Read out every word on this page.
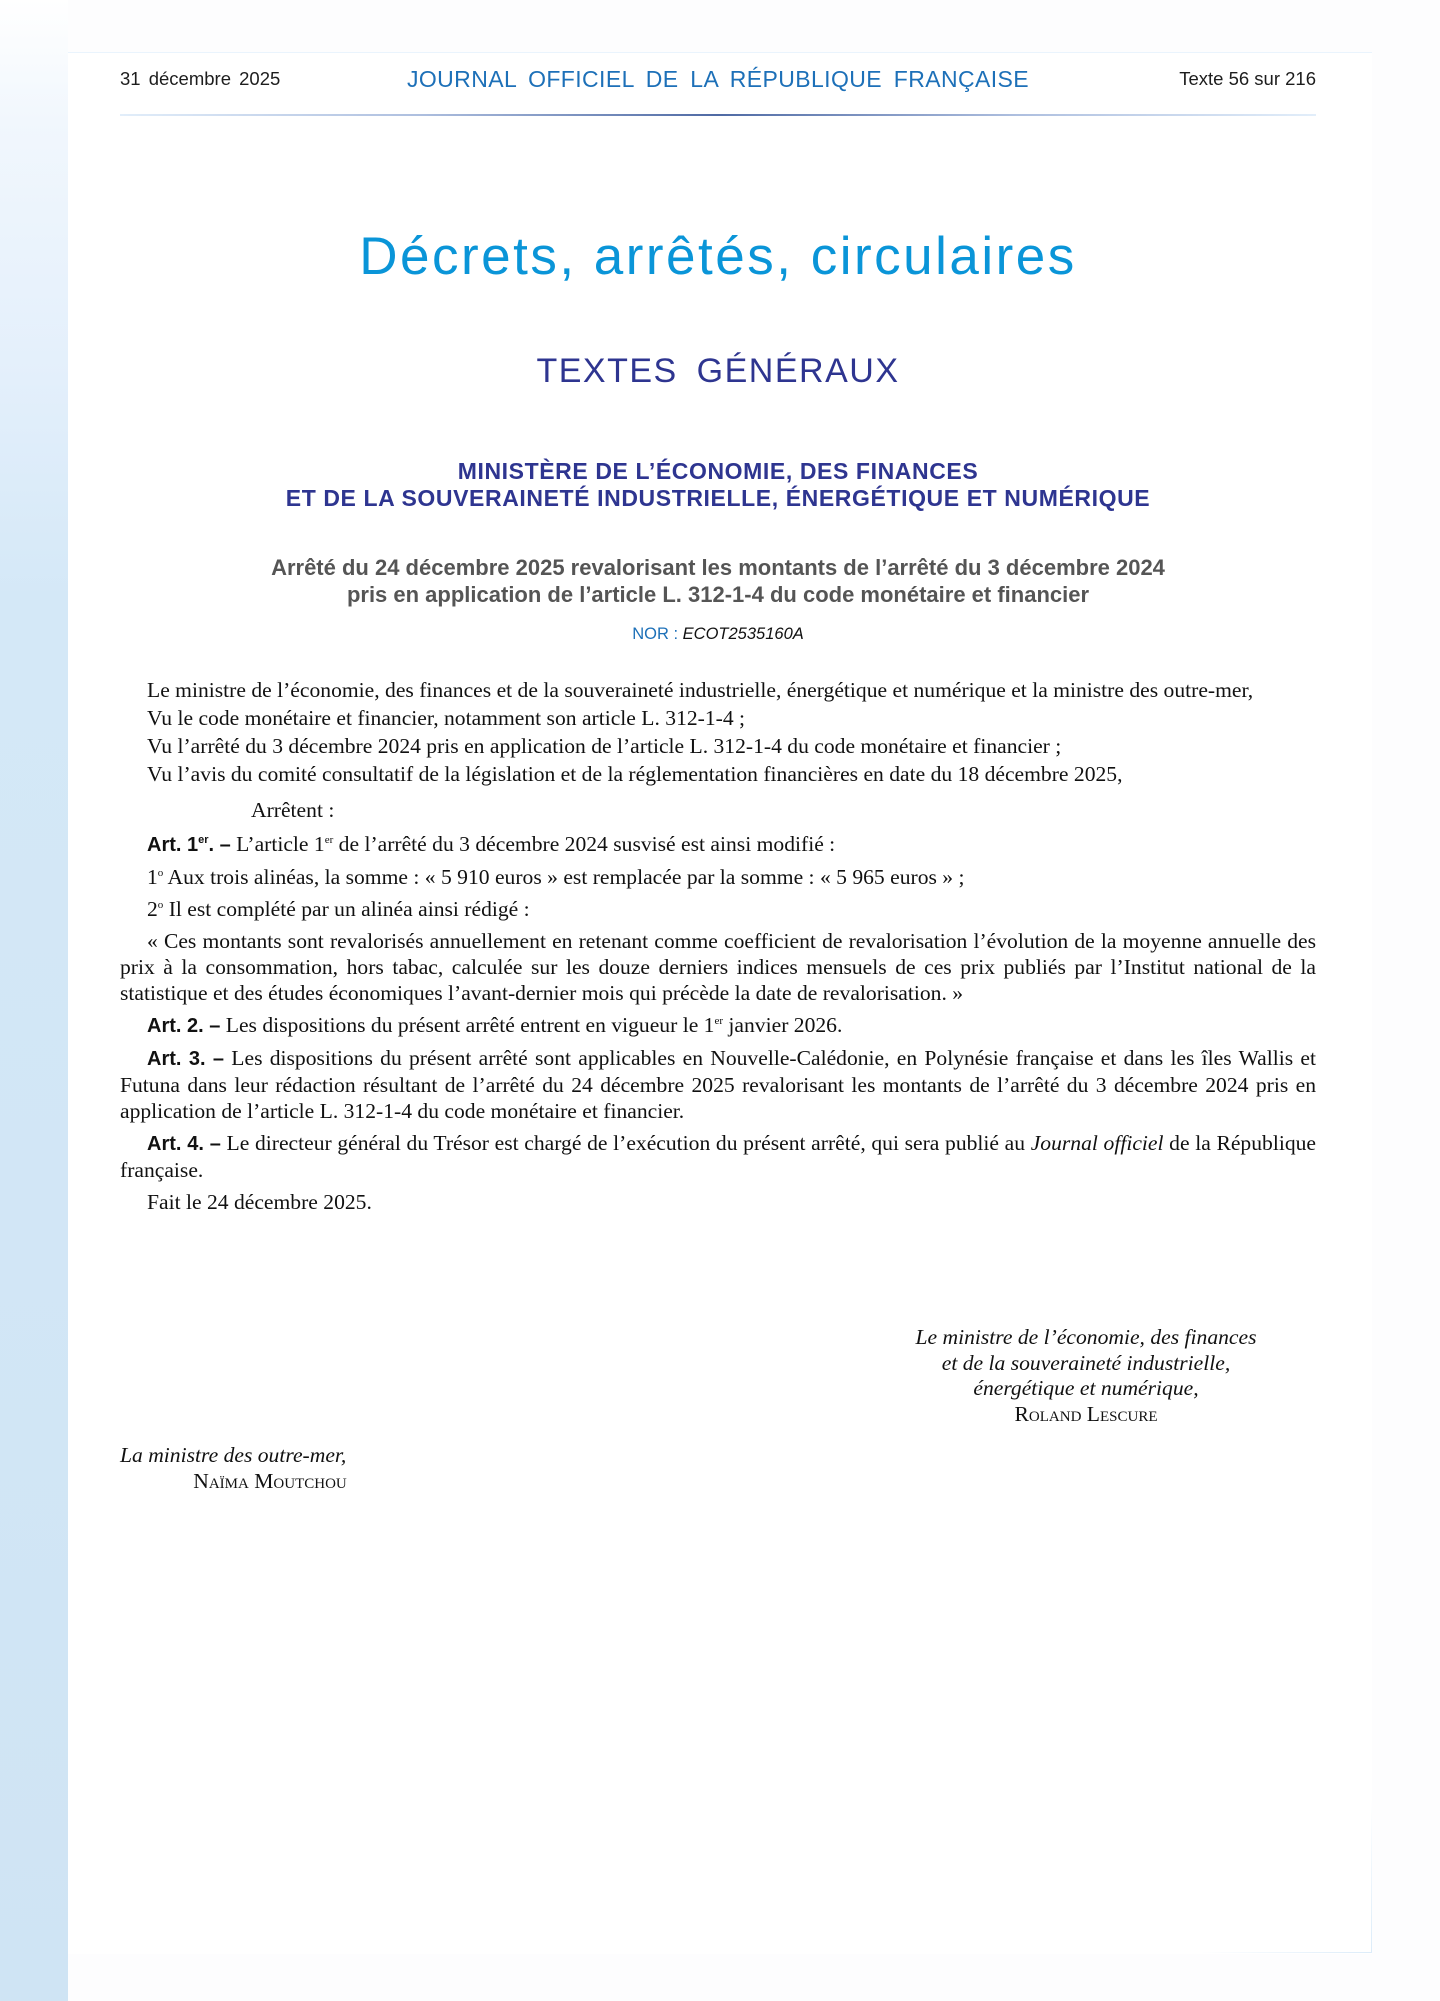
31 décembre 2025	JOURNAL OFFICIEL DE LA RÉPUBLIQUE FRANÇAISE	Texte 56 sur 216
Décrets, arrêtés, circulaires
TEXTES GÉNÉRAUX
MINISTÈRE DE L’ÉCONOMIE, DES FINANCES
ET DE LA SOUVERAINETÉ INDUSTRIELLE, ÉNERGÉTIQUE ET NUMÉRIQUE
Arrêté du 24 décembre 2025 revalorisant les montants de l’arrêté du 3 décembre 2024
pris en application de l’article L. 312-1-4 du code monétaire et financier
NOR : ECOT2535160A

Le ministre de l’économie, des finances et de la souveraineté industrielle, énergétique et numérique et la ministre des outre-mer,

Vu le code monétaire et financier, notamment son article L. 312-1-4 ;

Vu l’arrêté du 3 décembre 2024 pris en application de l’article L. 312-1-4 du code monétaire et financier ;

Vu l’avis du comité consultatif de la législation et de la réglementation financières en date du 18 décembre 2025,

Arrêtent :

Art. 1er. – L’article 1er de l’arrêté du 3 décembre 2024 susvisé est ainsi modifié :

1$^o$ Aux trois alinéas, la somme : « 5 910 euros » est remplacée par la somme : « 5 965 euros » ;

2$^o$ Il est complété par un alinéa ainsi rédigé :

« Ces montants sont revalorisés annuellement en retenant comme coefficient de revalorisation l’évolution de la moyenne annuelle des prix à la consommation, hors tabac, calculée sur les douze derniers indices mensuels de ces prix publiés par l’Institut national de la statistique et des études économiques l’avant-dernier mois qui précède la date de revalorisation. »

Art. 2. – Les dispositions du présent arrêté entrent en vigueur le 1er janvier 2026.

Art. 3. – Les dispositions du présent arrêté sont applicables en Nouvelle-Calédonie, en Polynésie française et dans les îles Wallis et Futuna dans leur rédaction résultant de l’arrêté du 24 décembre 2025 revalorisant les montants de l’arrêté du 3 décembre 2024 pris en application de l’article L. 312-1-4 du code monétaire et financier.

Art. 4. – Le directeur général du Trésor est chargé de l’exécution du présent arrêté, qui sera publié au Journal officiel de la République française.

Fait le 24 décembre 2025.

Le ministre de l’économie, des finances
et de la souveraineté industrielle,
énergétique et numérique,
Roland Lescure
La ministre des outre-mer,
Naïma Moutchou
